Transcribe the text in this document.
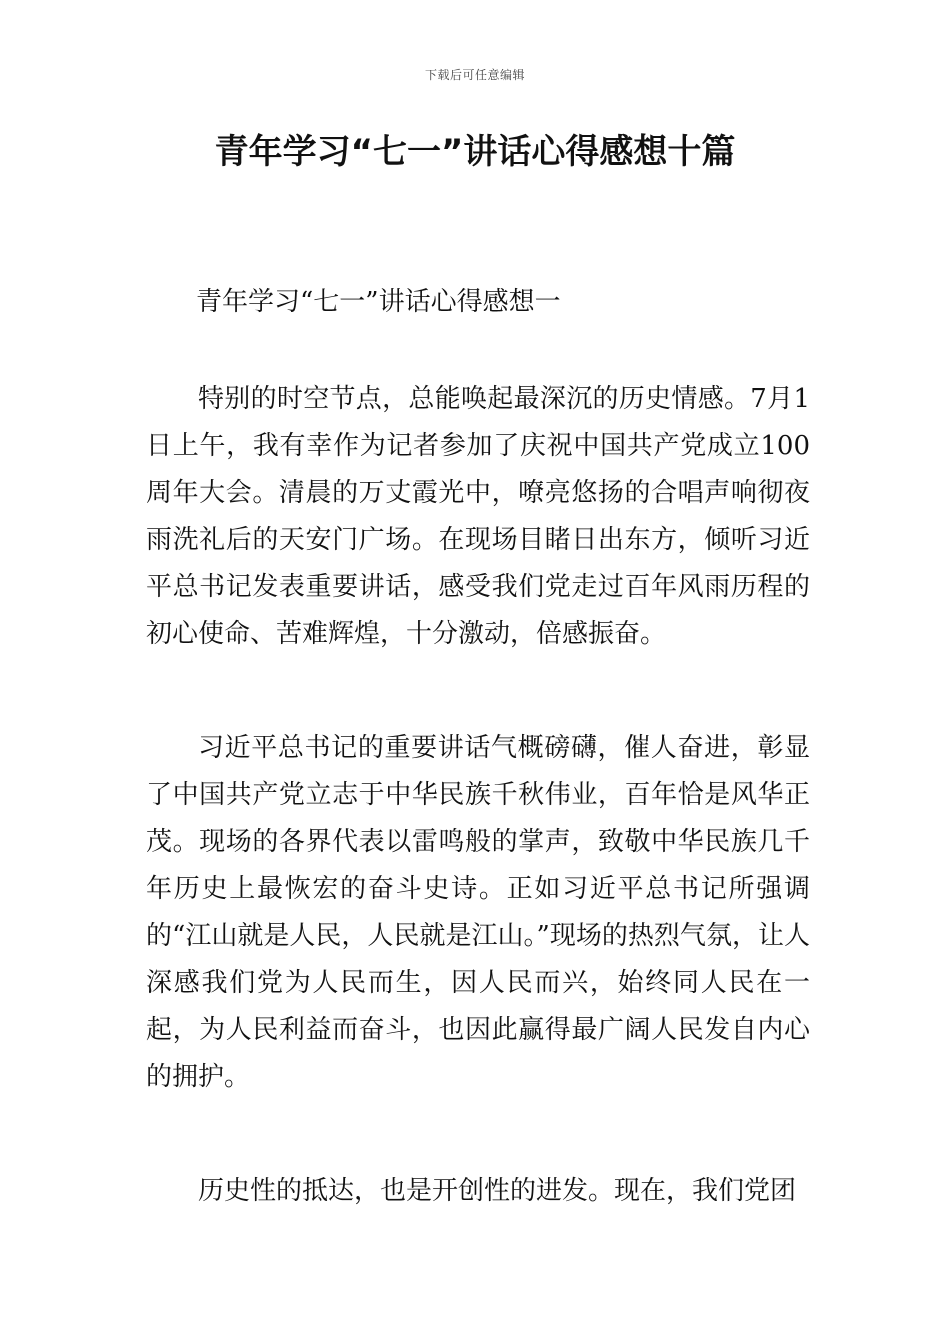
下载后可任意编辑
青年学习“七一”讲话心得感想十篇
青年学习“七一”讲话心得感想一

特别的时空节点，总能唤起最深沉的历史情感。7月1日上午，我有幸作为记者参加了庆祝中国共产党成立100周年大会。清晨的万丈霞光中，嘹亮悠扬的合唱声响彻夜雨洗礼后的天安门广场。在现场目睹日出东方，倾听习近平总书记发表重要讲话，感受我们党走过百年风雨历程的初心使命、苦难辉煌，十分激动，倍感振奋。

习近平总书记的重要讲话气概磅礴，催人奋进，彰显了中国共产党立志于中华民族千秋伟业，百年恰是风华正茂。现场的各界代表以雷鸣般的掌声，致敬中华民族几千年历史上最恢宏的奋斗史诗。正如习近平总书记所强调的“江山就是人民，人民就是江山。”现场的热烈气氛，让人深感我们党为人民而生，因人民而兴，始终同人民在一起，为人民利益而奋斗，也因此赢得最广阔人民发自内心的拥护。

历史性的抵达，也是开创性的进发。现在，我们党团
